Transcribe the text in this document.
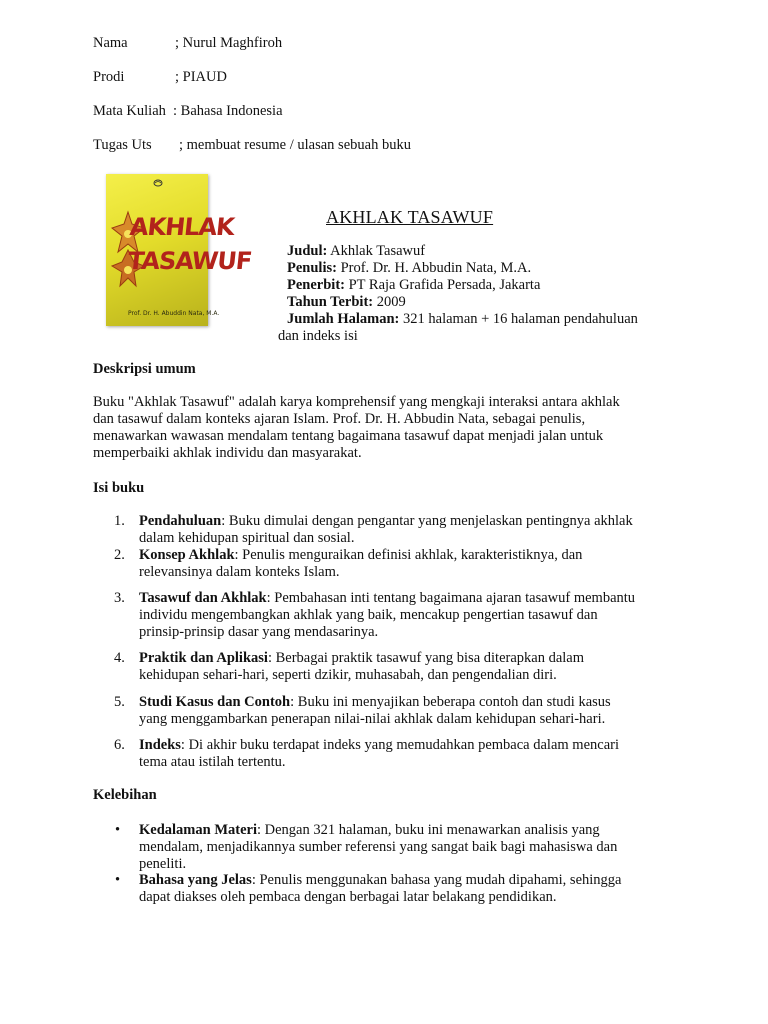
Nama	; Nurul Maghfiroh
Prodi	; PIAUD
Mata Kuliah : Bahasa Indonesia
Tugas Uts ; membuat resume / ulasan sebuah buku
AKHLAK
TASAWUF
Prof. Dr. H. Abuddin Nata, M.A.
AKHLAK TASAWUF
Judul: Akhlak Tasawuf
Penulis: Prof. Dr. H. Abbudin Nata, M.A.
Penerbit: PT Raja Grafida Persada, Jakarta
Tahun Terbit: 2009
Jumlah Halaman: 321 halaman + 16 halaman pendahuluan
dan indeks isi
Deskripsi umum
Buku "Akhlak Tasawuf" adalah karya komprehensif yang mengkaji interaksi antara akhlak
dan tasawuf dalam konteks ajaran Islam. Prof. Dr. H. Abbudin Nata, sebagai penulis,
menawarkan wawasan mendalam tentang bagaimana tasawuf dapat menjadi jalan untuk
memperbaiki akhlak individu dan masyarakat.
Isi buku
1. Pendahuluan: Buku dimulai dengan pengantar yang menjelaskan pentingnya akhlak
dalam kehidupan spiritual dan sosial.
2. Konsep Akhlak: Penulis menguraikan definisi akhlak, karakteristiknya, dan
relevansinya dalam konteks Islam.
3. Tasawuf dan Akhlak: Pembahasan inti tentang bagaimana ajaran tasawuf membantu
individu mengembangkan akhlak yang baik, mencakup pengertian tasawuf dan
prinsip-prinsip dasar yang mendasarinya.
4. Praktik dan Aplikasi: Berbagai praktik tasawuf yang bisa diterapkan dalam
kehidupan sehari-hari, seperti dzikir, muhasabah, dan pengendalian diri.
5. Studi Kasus dan Contoh: Buku ini menyajikan beberapa contoh dan studi kasus
yang menggambarkan penerapan nilai-nilai akhlak dalam kehidupan sehari-hari.
6. Indeks: Di akhir buku terdapat indeks yang memudahkan pembaca dalam mencari
tema atau istilah tertentu.
Kelebihan
• Kedalaman Materi: Dengan 321 halaman, buku ini menawarkan analisis yang
mendalam, menjadikannya sumber referensi yang sangat baik bagi mahasiswa dan
peneliti.
• Bahasa yang Jelas: Penulis menggunakan bahasa yang mudah dipahami, sehingga
dapat diakses oleh pembaca dengan berbagai latar belakang pendidikan.
